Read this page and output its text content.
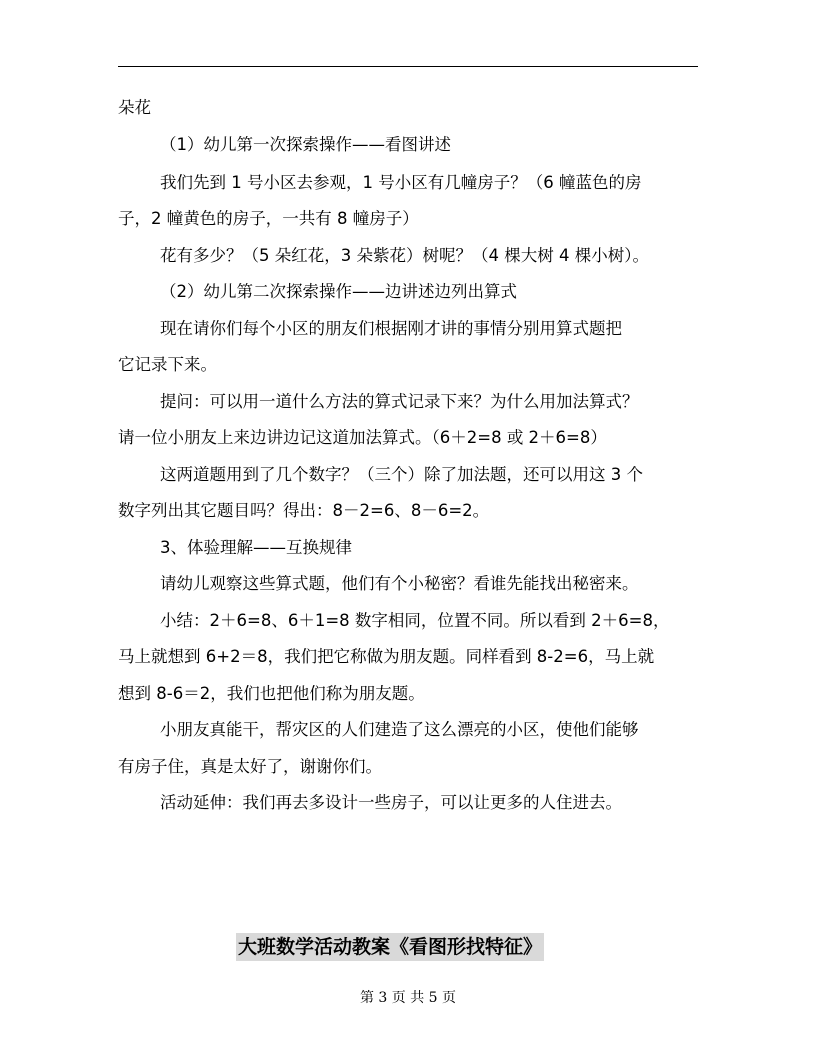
朵花
（1）幼儿第一次探索操作——看图讲述
我们先到 1 号小区去参观，1 号小区有几幢房子？（6 幢蓝色的房
子，2 幢黄色的房子，一共有 8 幢房子）
花有多少？（5 朵红花，3 朵紫花）树呢？（4 棵大树 4 棵小树）。
（2）幼儿第二次探索操作——边讲述边列出算式
现在请你们每个小区的朋友们根据刚才讲的事情分别用算式题把
它记录下来。
提问：可以用一道什么方法的算式记录下来？为什么用加法算式？
请一位小朋友上来边讲边记这道加法算式。（6＋2=8 或 2＋6=8）
这两道题用到了几个数字？（三个）除了加法题，还可以用这 3 个
数字列出其它题目吗？得出：8－2=6、8－6=2。
3、体验理解——互换规律
请幼儿观察这些算式题，他们有个小秘密？看谁先能找出秘密来。
小结：2＋6=8、6＋1=8 数字相同，位置不同。所以看到 2＋6=8，
马上就想到 6+2＝8，我们把它称做为朋友题。同样看到 8-2=6，马上就
想到 8-6＝2，我们也把他们称为朋友题。
小朋友真能干，帮灾区的人们建造了这么漂亮的小区，使他们能够
有房子住，真是太好了，谢谢你们。
活动延伸：我们再去多设计一些房子，可以让更多的人住进去。
大班数学活动教案《看图形找特征》
第 3 页 共 5 页
